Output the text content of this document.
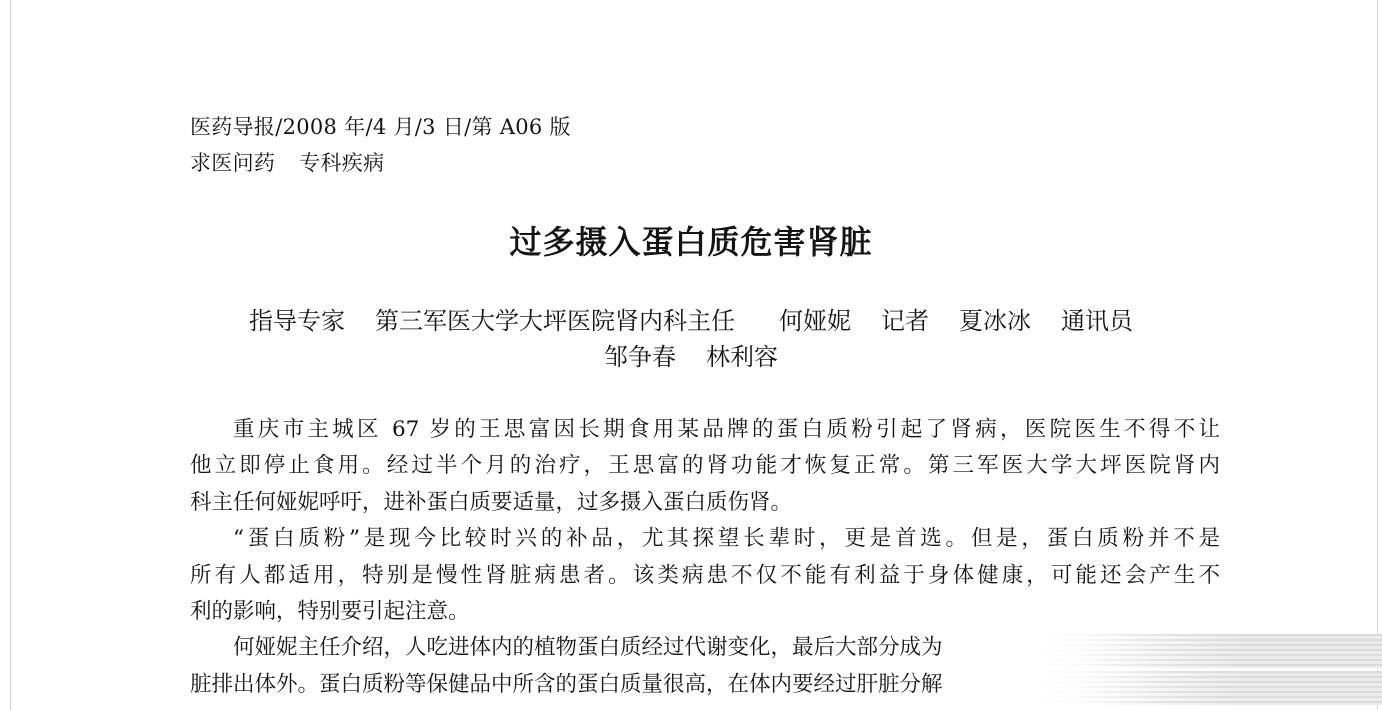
医药导报/2008 年/4 月/3 日/第 A06 版
求医问药 专科疾病
过多摄入蛋白质危害肾脏
指导专家 第三军医大学大坪医院肾内科主任 何娅妮 记者 夏冰冰 通讯员
邹争春 林利容
重庆市主城区 67 岁的王思富因长期食用某品牌的蛋白质粉引起了肾病，医院医生不得不让
他立即停止食用。经过半个月的治疗，王思富的肾功能才恢复正常。第三军医大学大坪医院肾内
科主任何娅妮呼吁，进补蛋白质要适量，过多摄入蛋白质伤肾。
“蛋白质粉”是现今比较时兴的补品，尤其探望长辈时，更是首选。但是，蛋白质粉并不是
所有人都适用，特别是慢性肾脏病患者。该类病患不仅不能有利益于身体健康，可能还会产生不
利的影响，特别要引起注意。
何娅妮主任介绍，人吃进体内的植物蛋白质经过代谢变化，最后大部分成为
脏排出体外。蛋白质粉等保健品中所含的蛋白质量很高，在体内要经过肝脏分解
